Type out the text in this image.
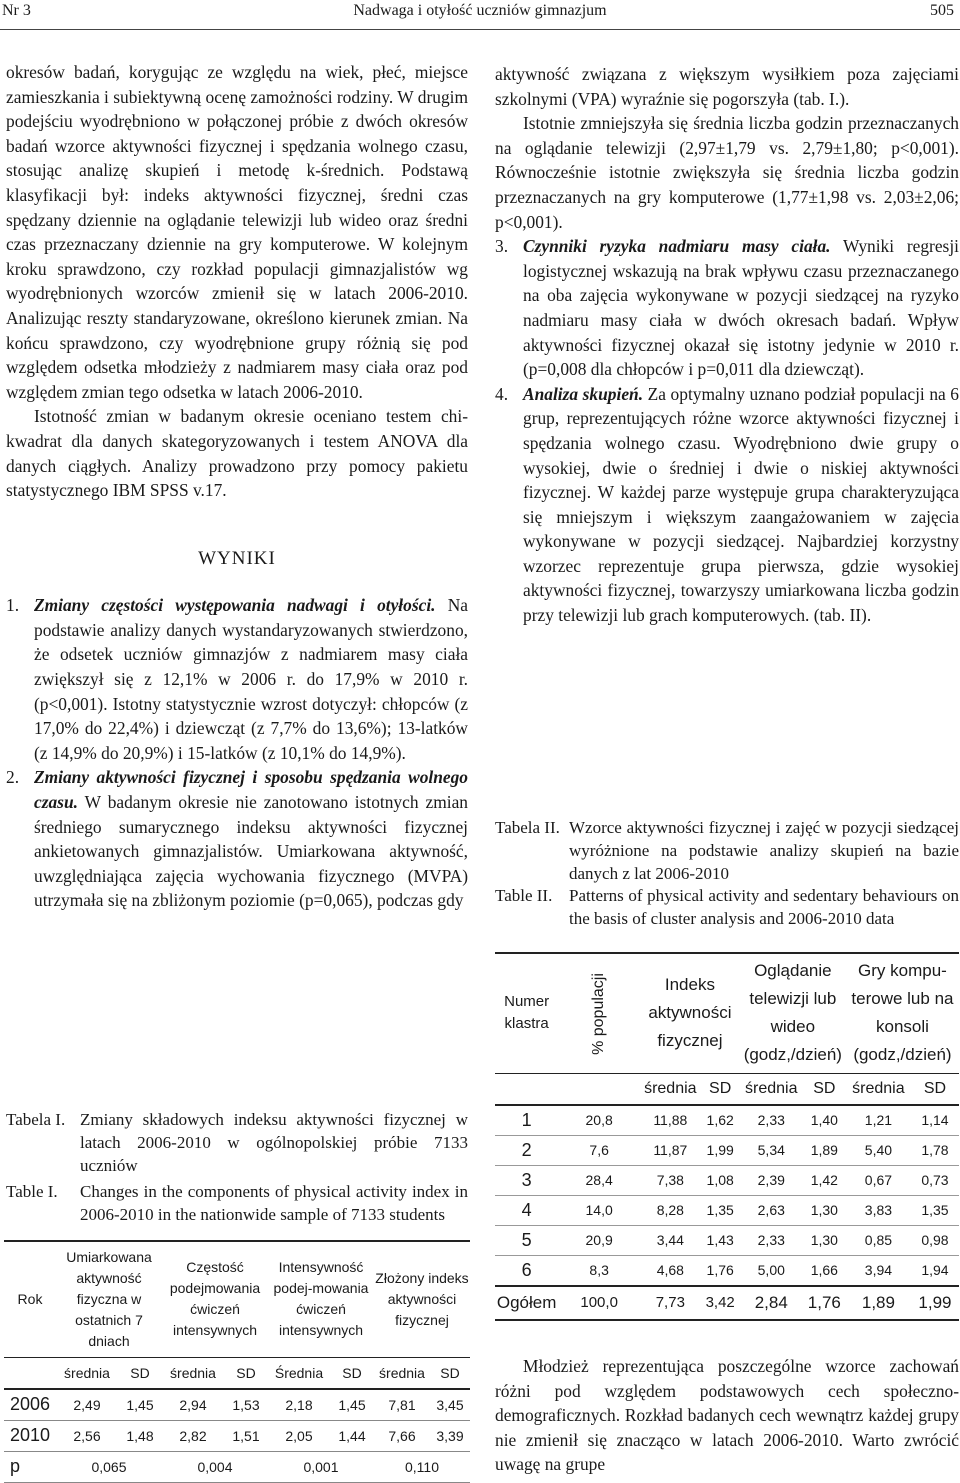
Nr 3	Nadwaga i otyłość uczniów gimnazjum	505

okresów badań, korygując ze względu na wiek, płeć, miejsce zamieszkania i subiektywną ocenę zamożności rodziny. W drugim podejściu wyodrębniono w połączonej próbie z dwóch okresów badań wzorce aktywności fizycznej i spędzania wolnego czasu, stosując analizę skupień i metodę k-średnich. Podstawą klasyfikacji był: indeks aktywności fizycznej, średni czas spędzany dziennie na oglądanie telewizji lub wideo oraz średni czas przeznaczany dziennie na gry komputerowe. W kolejnym kroku sprawdzono, czy rozkład populacji gimnazjalistów wg wyodrębnionych wzorców zmienił się w latach 2006-2010. Analizując reszty standaryzowane, określono kierunek zmian. Na końcu sprawdzono, czy wyodrębnione grupy różnią się pod względem odsetka młodzieży z nadmiarem masy ciała oraz pod względem zmian tego odsetka w latach 2006-2010.

Istotność zmian w badanym okresie oceniano testem chi-kwadrat dla danych skategoryzowanych i testem ANOVA dla danych ciągłych. Analizy prowadzono przy pomocy pakietu statystycznego IBM SPSS v.17.

WYNIKI

1. Zmiany częstości występowania nadwagi i otyłości. Na podstawie analizy danych wystandaryzowanych stwierdzono, że odsetek uczniów gimnazjów z nadmiarem masy ciała zwiększył się z 12,1% w 2006 r. do 17,9% w 2010 r. (p<0,001). Istotny statystycznie wzrost dotyczył: chłopców (z 17,0% do 22,4%) i dziewcząt (z 7,7% do 13,6%); 13-latków (z 14,9% do 20,9%) i 15-latków (z 10,1% do 14,9%).

2. Zmiany aktywności fizycznej i sposobu spędzania wolnego czasu. W badanym okresie nie zanotowano istotnych zmian średniego sumarycznego indeksu aktywności fizycznej ankietowanych gimnazjalistów. Umiarkowana aktywność, uwzględniająca zajęcia wychowania fizycznego (MVPA) utrzymała się na zbliżonym poziomie (p=0,065), podczas gdy

Tabela I. Zmiany składowych indeksu aktywności fizycznej w latach 2006-2010 w ogólnopolskiej próbie 7133 uczniów
Table I. Changes in the components of physical activity index in 2006-2010 in the nationwide sample of 7133 students
Rok	Umiarkowana aktywność fizyczna w ostatnich 7 dniach		Częstość podejmowania ćwiczeń intensywnych		Intensywność podej-mowania ćwiczeń intensywnych		Złożony indeks aktywności fizycznej	
	średnia	SD	średnia	SD	Średnia	SD	średnia	SD
2006	2,49	1,45	2,94	1,53	2,18	1,45	7,81	3,45
2010	2,56	1,48	2,82	1,51	2,05	1,44	7,66	3,39
p	0,065		0,004		0,001		0,110	

aktywność związana z większym wysiłkiem poza zajęciami szkolnymi (VPA) wyraźnie się pogorszyła (tab. I.).

Istotnie zmniejszyła się średnia liczba godzin przeznaczanych na oglądanie telewizji (2,97±1,79 vs. 2,79±1,80; p<0,001). Równocześnie istotnie zwiększyła się średnia liczba godzin przeznaczanych na gry komputerowe (1,77±1,98 vs. 2,03±2,06; p<0,001).

3. Czynniki ryzyka nadmiaru masy ciała. Wyniki regresji logistycznej wskazują na brak wpływu czasu przeznaczanego na oba zajęcia wykonywane w pozycji siedzącej na ryzyko nadmiaru masy ciała w dwóch okresach badań. Wpływ aktywności fizycznej okazał się istotny jedynie w 2010 r. (p=0,008 dla chłopców i p=0,011 dla dziewcząt).

4. Analiza skupień. Za optymalny uznano podział populacji na 6 grup, reprezentujących różne wzorce aktywności fizycznej i spędzania wolnego czasu. Wyodrębniono dwie grupy o wysokiej, dwie o średniej i dwie o niskiej aktywności fizycznej. W każdej parze występuje grupa charakteryzująca się mniejszym i większym zaangażowaniem w zajęcia wykonywane w pozycji siedzącej. Najbardziej korzystny wzorzec reprezentuje grupa pierwsza, gdzie wysokiej aktywności fizycznej, towarzyszy umiarkowana liczba godzin przy telewizji lub grach komputerowych. (tab. II).

Tabela II. Wzorce aktywności fizycznej i zajęć w pozycji siedzącej wyróżnione na podstawie analizy skupień na bazie danych z lat 2006-2010
Table II. Patterns of physical activity and sedentary behaviours on the basis of cluster analysis and 2006-2010 data
Numer klastra	% populacji	Indeks aktywności fizycznej		Oglądanie telewizji lub wideo (godz,/dzień)		Gry kompu-terowe lub na konsoli (godz,/dzień)	
		średnia	SD	średnia	SD	średnia	SD
1	20,8	11,88	1,62	2,33	1,40	1,21	1,14
2	7,6	11,87	1,99	5,34	1,89	5,40	1,78
3	28,4	7,38	1,08	2,39	1,42	0,67	0,73
4	14,0	8,28	1,35	2,63	1,30	3,83	1,35
5	20,9	3,44	1,43	2,33	1,30	0,85	0,98
6	8,3	4,68	1,76	5,00	1,66	3,94	1,94
Ogółem	100,0	7,73	3,42	2,84	1,76	1,89	1,99

Młodzież reprezentująca poszczególne wzorce zachowań różni pod względem podstawowych cech społeczno-demograficznych. Rozkład badanych cech wewnątrz każdej grupy nie zmienił się znacząco w latach 2006-2010. Warto zwrócić uwagę na grupe
